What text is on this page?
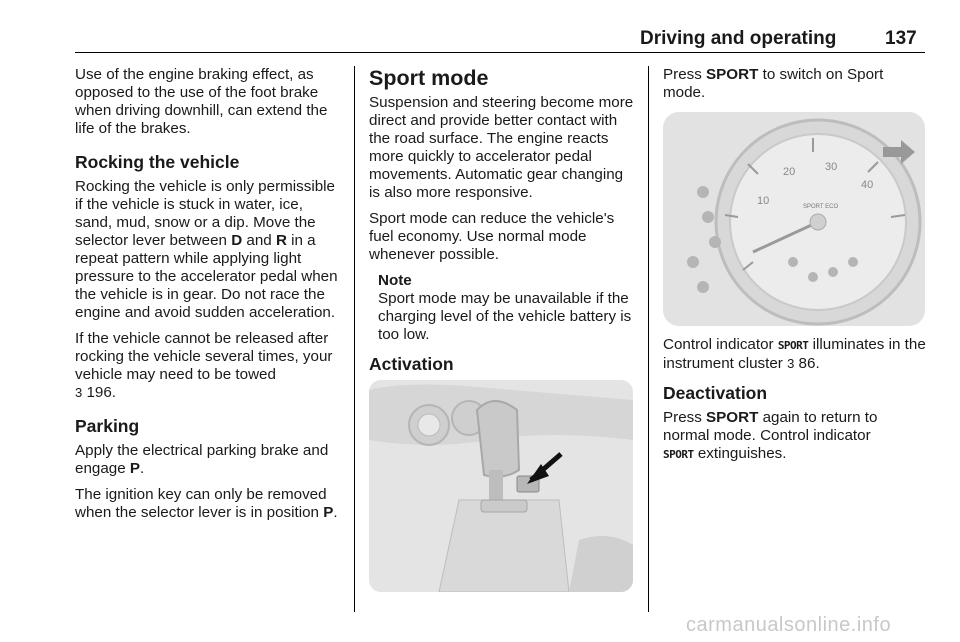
Driving and operating	137

Use of the engine braking effect, as opposed to the use of the foot brake when driving downhill, can extend the life of the brakes.

Rocking the vehicle

Rocking the vehicle is only permissible if the vehicle is stuck in water, ice, sand, mud, snow or a dip. Move the selector lever between D and R in a repeat pattern while applying light pressure to the accelerator pedal when the vehicle is in gear. Do not race the engine and avoid sudden acceleration.

If the vehicle cannot be released after rocking the vehicle several times, your vehicle may need to be towed
3 196.

Parking

Apply the electrical parking brake and engage P.

The ignition key can only be removed when the selector lever is in position P.

Sport mode

Suspension and steering become more direct and provide better contact with the road surface. The engine reacts more quickly to accelerator pedal movements. Automatic gear changing is also more responsive.

Sport mode can reduce the vehicle's fuel economy. Use normal mode whenever possible.

Note

Sport mode may be unavailable if the charging level of the vehicle battery is too low.

Activation

Press SPORT to switch on Sport mode.

10
20	30
40
SPORT ECO

Control indicator SPORT illuminates in the instrument cluster 3 86.

Deactivation

Press SPORT again to return to normal mode. Control indicator
SPORT extinguishes.

carmanualsonline.info
